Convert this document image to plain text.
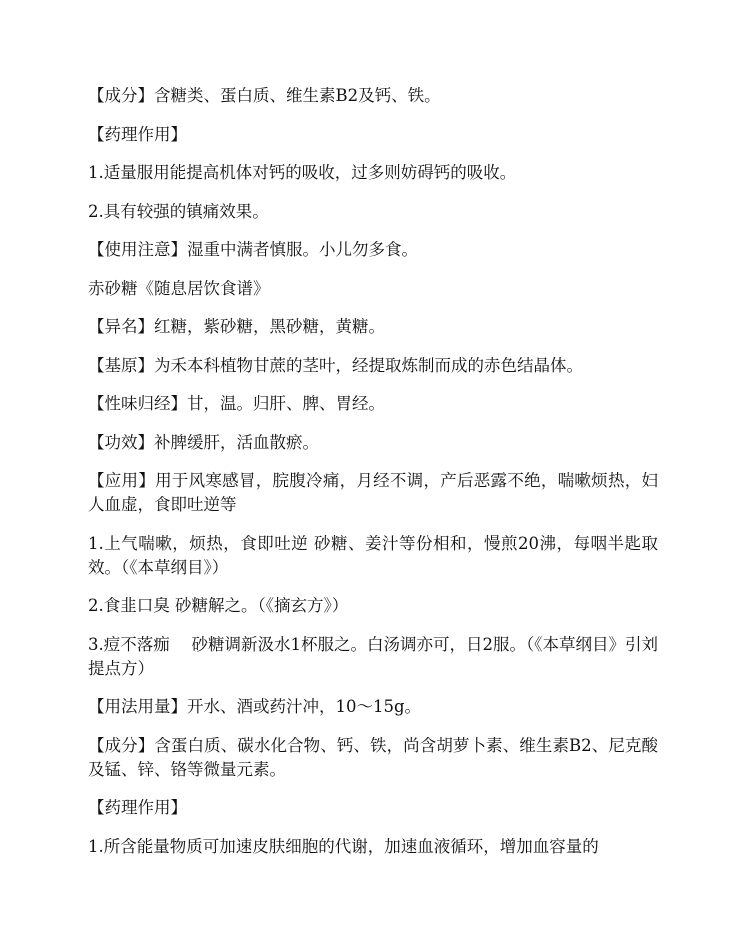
【成分】含糖类、蛋白质、维生素B2及钙、铁。

【药理作用】

1.适量服用能提高机体对钙的吸收，过多则妨碍钙的吸收。

2.具有较强的镇痛效果。

【使用注意】湿重中满者慎服。小儿勿多食。

赤砂糖《随息居饮食谱》

【异名】红糖，紫砂糖，黑砂糖，黄糖。

【基原】为禾本科植物甘蔗的茎叶，经提取炼制而成的赤色结晶体。

【性味归经】甘，温。归肝、脾、胃经。

【功效】补脾缓肝，活血散瘀。

【应用】用于风寒感冒，脘腹冷痛，月经不调，产后恶露不绝，喘嗽烦热，妇人血虚，食即吐逆等

1.上气喘嗽，烦热，食即吐逆 砂糖、姜汁等份相和，慢煎20沸，每咽半匙取效。（《本草纲目》）

2.食韭口臭 砂糖解之。（《摘玄方》）

3.痘不落痂　 砂糖调新汲水1杯服之。白汤调亦可，日2服。（《本草纲目》引刘提点方）

【用法用量】开水、酒或药汁冲，10～15g。

【成分】含蛋白质、碳水化合物、钙、铁，尚含胡萝卜素、维生素B2、尼克酸及锰、锌、铬等微量元素。

【药理作用】

1.所含能量物质可加速皮肤细胞的代谢，加速血液循环，增加血容量的
